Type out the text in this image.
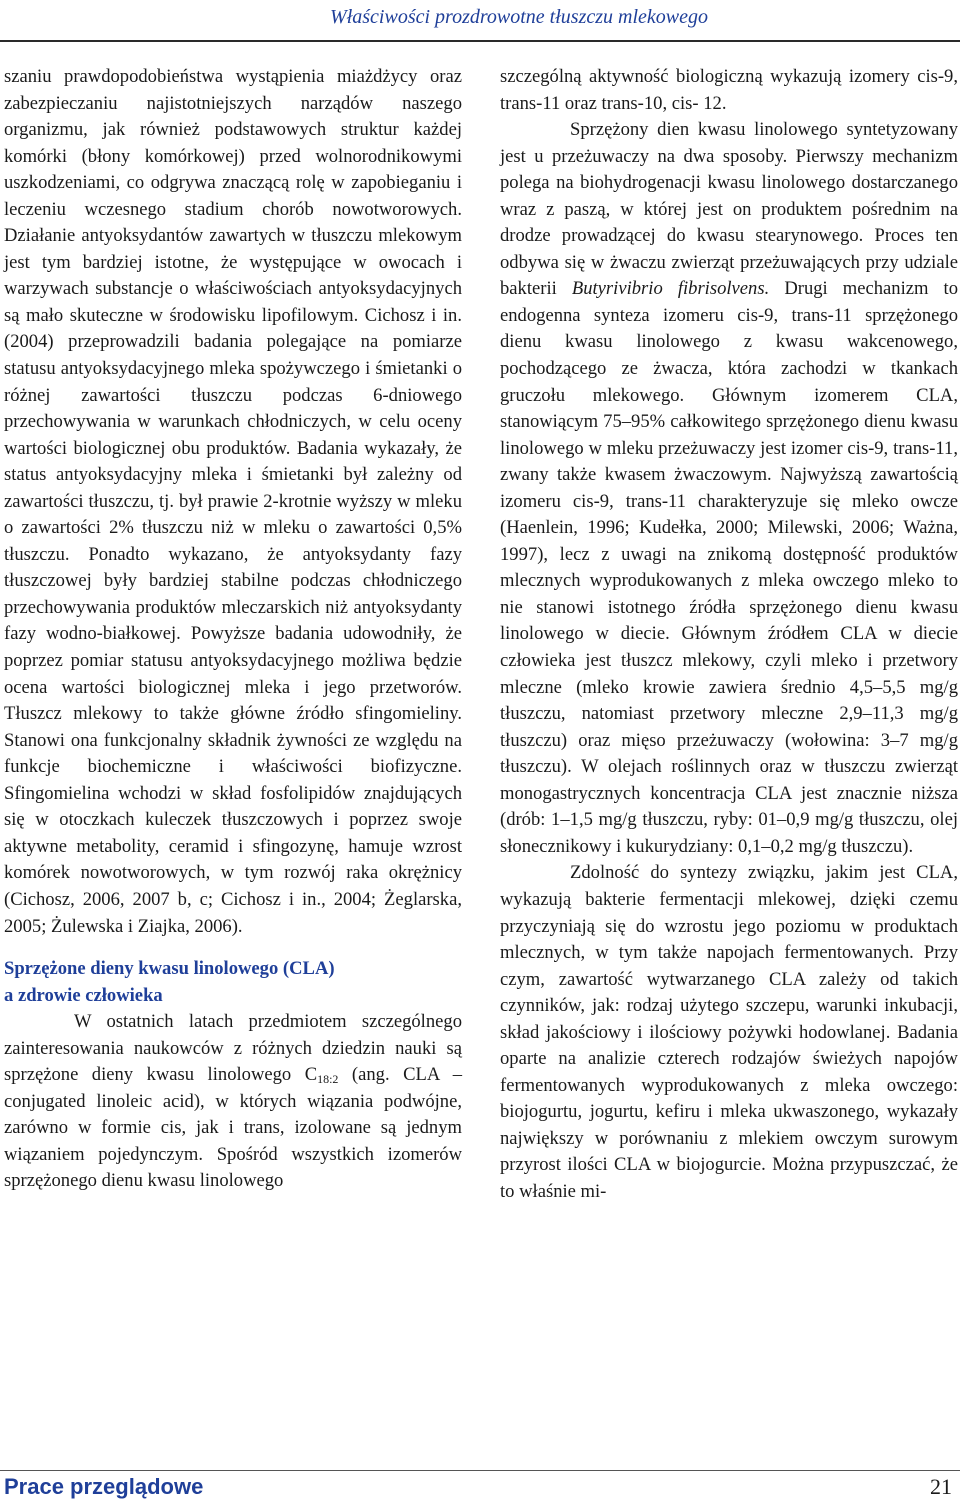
Właściwości prozdrowotne tłuszczu mlekowego

szaniu prawdopodobieństwa wystąpienia miażdżycy oraz zabezpieczaniu najistotniejszych narządów naszego organizmu, jak również podstawowych struktur każdej komórki (błony komórkowej) przed wolnorodnikowymi uszkodzeniami, co odgrywa znaczącą rolę w zapobieganiu i leczeniu wczesnego stadium chorób nowotworowych. Działanie antyoksydantów zawartych w tłuszczu mlekowym jest tym bardziej istotne, że występujące w owocach i warzywach substancje o właściwościach antyoksydacyjnych są mało skuteczne w środowisku lipofilowym. Cichosz i in. (2004) przeprowadzili badania polegające na pomiarze statusu antyoksydacyjnego mleka spożywczego i śmietanki o różnej zawartości tłuszczu podczas 6-dniowego przechowywania w warunkach chłodniczych, w celu oceny wartości biologicznej obu produktów. Badania wykazały, że status antyoksydacyjny mleka i śmietanki był zależny od zawartości tłuszczu, tj. był prawie 2-krotnie wyższy w mleku o zawartości 2% tłuszczu niż w mleku o zawartości 0,5% tłuszczu. Ponadto wykazano, że antyoksydanty fazy tłuszczowej były bardziej stabilne podczas chłodniczego przechowywania produktów mleczarskich niż antyoksydanty fazy wodno-białkowej. Powyższe badania udowodniły, że poprzez pomiar statusu antyoksydacyjnego możliwa będzie ocena wartości biologicznej mleka i jego przetworów. Tłuszcz mlekowy to także główne źródło sfingomieliny. Stanowi ona funkcjonalny składnik żywności ze względu na funkcje biochemiczne i właściwości biofizyczne. Sfingomielina wchodzi w skład fosfolipidów znajdujących się w otoczkach kuleczek tłuszczowych i poprzez swoje aktywne metabolity, ceramid i sfingozynę, hamuje wzrost komórek nowotworowych, w tym rozwój raka okrężnicy (Cichosz, 2006, 2007 b, c; Cichosz i in., 2004; Żeglarska, 2005; Żulewska i Ziajka, 2006).

Sprzężone dieny kwasu linolowego (CLA)
a zdrowie człowieka

W ostatnich latach przedmiotem szczególnego zainteresowania naukowców z różnych dziedzin nauki są sprzężone dieny kwasu linolowego $C_{18:2}$ (ang. CLA – conjugated linoleic acid), w których wiązania podwójne, zarówno w formie cis, jak i trans, izolowane są jednym wiązaniem pojedynczym. Spośród wszystkich izomerów sprzężonego dienu kwasu linolowego

szczególną aktywność biologiczną wykazują izomery cis-9, trans-11 oraz trans-10, cis- 12.

Sprzężony dien kwasu linolowego syntetyzowany jest u przeżuwaczy na dwa sposoby. Pierwszy mechanizm polega na biohydrogenacji kwasu linolowego dostarczanego wraz z paszą, w której jest on produktem pośrednim na drodze prowadzącej do kwasu stearynowego. Proces ten odbywa się w żwaczu zwierząt przeżuwających przy udziale bakterii Butyrivibrio fibrisolvens. Drugi mechanizm to endogenna synteza izomeru cis-9, trans-11 sprzężonego dienu kwasu linolowego z kwasu wakcenowego, pochodzącego ze żwacza, która zachodzi w tkankach gruczołu mlekowego. Głównym izomerem CLA, stanowiącym 75–95% całkowitego sprzężonego dienu kwasu linolowego w mleku przeżuwaczy jest izomer cis-9, trans-11, zwany także kwasem żwaczowym. Najwyższą zawartością izomeru cis-9, trans-11 charakteryzuje się mleko owcze (Haenlein, 1996; Kudełka, 2000; Milewski, 2006; Ważna, 1997), lecz z uwagi na znikomą dostępność produktów mlecznych wyprodukowanych z mleka owczego mleko to nie stanowi istotnego źródła sprzężonego dienu kwasu linolowego w diecie. Głównym źródłem CLA w diecie człowieka jest tłuszcz mlekowy, czyli mleko i przetwory mleczne (mleko krowie zawiera średnio 4,5–5,5 mg/g tłuszczu, natomiast przetwory mleczne 2,9–11,3 mg/g tłuszczu) oraz mięso przeżuwaczy (wołowina: 3–7 mg/g tłuszczu). W olejach roślinnych oraz w tłuszczu zwierząt monogastrycznych koncentracja CLA jest znacznie niższa (drób: 1–1,5 mg/g tłuszczu, ryby: 01–0,9 mg/g tłuszczu, olej słonecznikowy i kukurydziany: 0,1–0,2 mg/g tłuszczu).

Zdolność do syntezy związku, jakim jest CLA, wykazują bakterie fermentacji mlekowej, dzięki czemu przyczyniają się do wzrostu jego poziomu w produktach mlecznych, w tym także napojach fermentowanych. Przy czym, zawartość wytwarzanego CLA zależy od takich czynników, jak: rodzaj użytego szczepu, warunki inkubacji, skład jakościowy i ilościowy pożywki hodowlanej. Badania oparte na analizie czterech rodzajów świeżych napojów fermentowanych wyprodukowanych z mleka owczego: biojogurtu, jogurtu, kefiru i mleka ukwaszonego, wykazały największy w porównaniu z mlekiem owczym surowym przyrost ilości CLA w biojogurcie. Można przypuszczać, że to właśnie mi-

Prace przeglądowe	21
